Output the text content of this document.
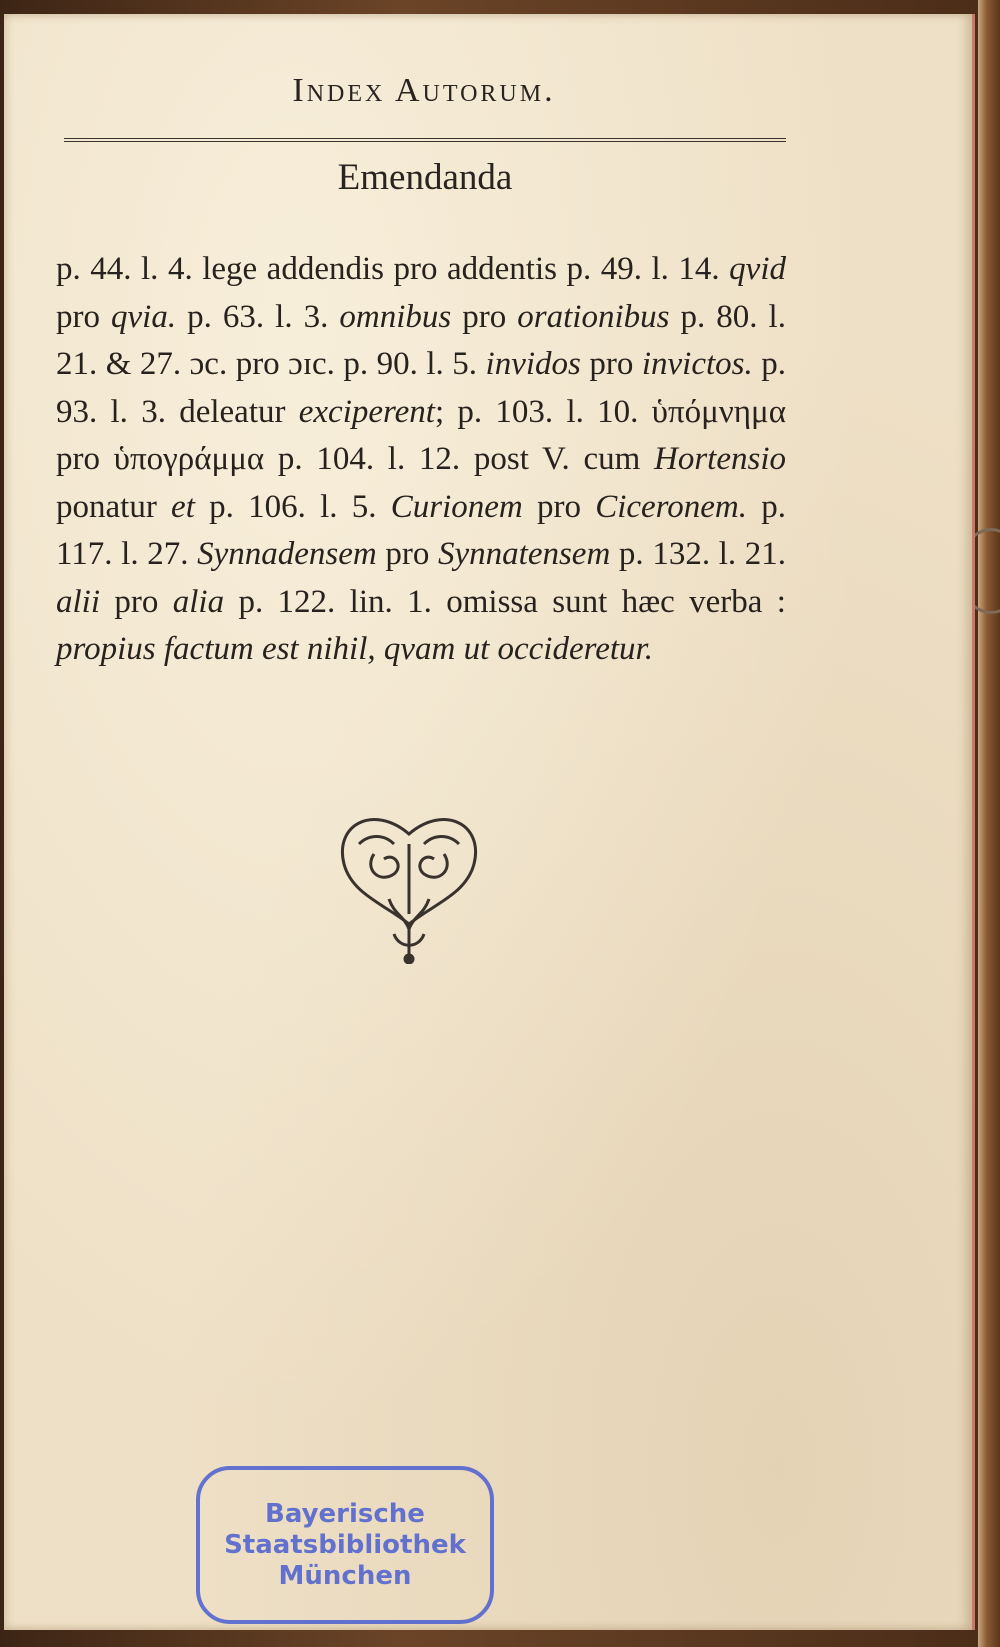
Index Autorum.
Emendanda
p. 44. l. 4. lege addendis pro addentis p. 49. l. 14. qvid pro qvia. p. 63. l. 3. omnibus pro orationibus p. 80. l. 21. & 27. ɔc. pro ɔɪc. p. 90. l. 5. invidos pro invictos. p. 93. l. 3. deleatur exciperent; p. 103. l. 10. ὑπόμνημα pro ὑπογράμμα p. 104. l. 12. post V. cum Hortensio ponatur et p. 106. l. 5. Curionem pro Ciceronem. p. 117. l. 27. Synnadensem pro Synnatensem p. 132. l. 21. alii pro alia p. 122. lin. 1. omissa sunt hæc verba : propius factum est nihil, qvam ut occideretur.
Bayerische
Staatsbibliothek
München
